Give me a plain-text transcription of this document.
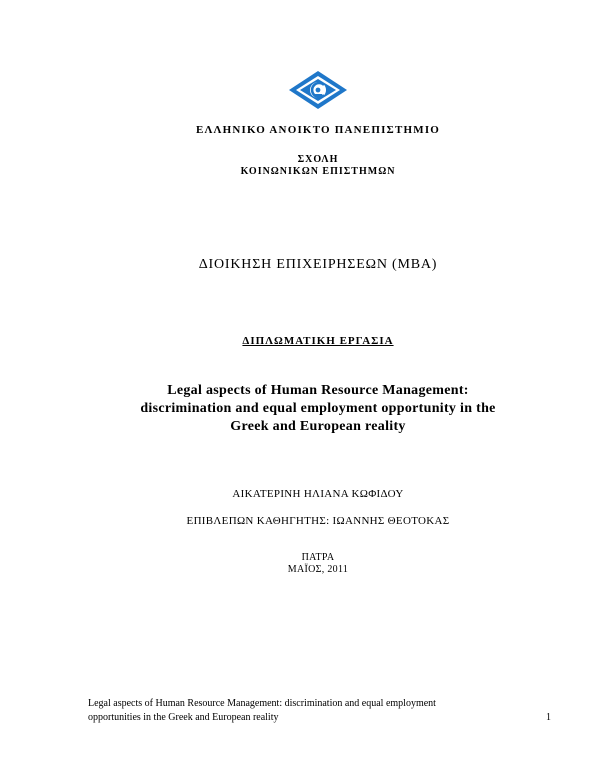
ΕΛΛΗΝΙΚΟ ΑΝΟΙΚΤΟ ΠΑΝΕΠΙΣΤΗΜΙΟ
ΣΧΟΛΗ
ΚΟΙΝΩΝΙΚΩΝ ΕΠΙΣΤΗΜΩΝ
ΔΙΟΙΚΗΣΗ ΕΠΙΧΕΙΡΗΣΕΩΝ (ΜΒΑ)
ΔΙΠΛΩΜΑΤΙΚΗ ΕΡΓΑΣΙΑ
Legal aspects of Human Resource Management:
discrimination and equal employment opportunity in the
Greek and European reality
ΑΙΚΑΤΕΡΙΝΗ ΗΛΙΑΝΑ ΚΩΦΙΔΟΥ
ΕΠΙΒΛΕΠΩΝ ΚΑΘΗΓΗΤΗΣ: ΙΩΑΝΝΗΣ ΘΕΟΤΟΚΑΣ
ΠΑΤΡΑ
ΜΑΪΟΣ, 2011
Legal aspects of Human Resource Management: discrimination and equal employment
opportunities in the Greek and European reality	1
